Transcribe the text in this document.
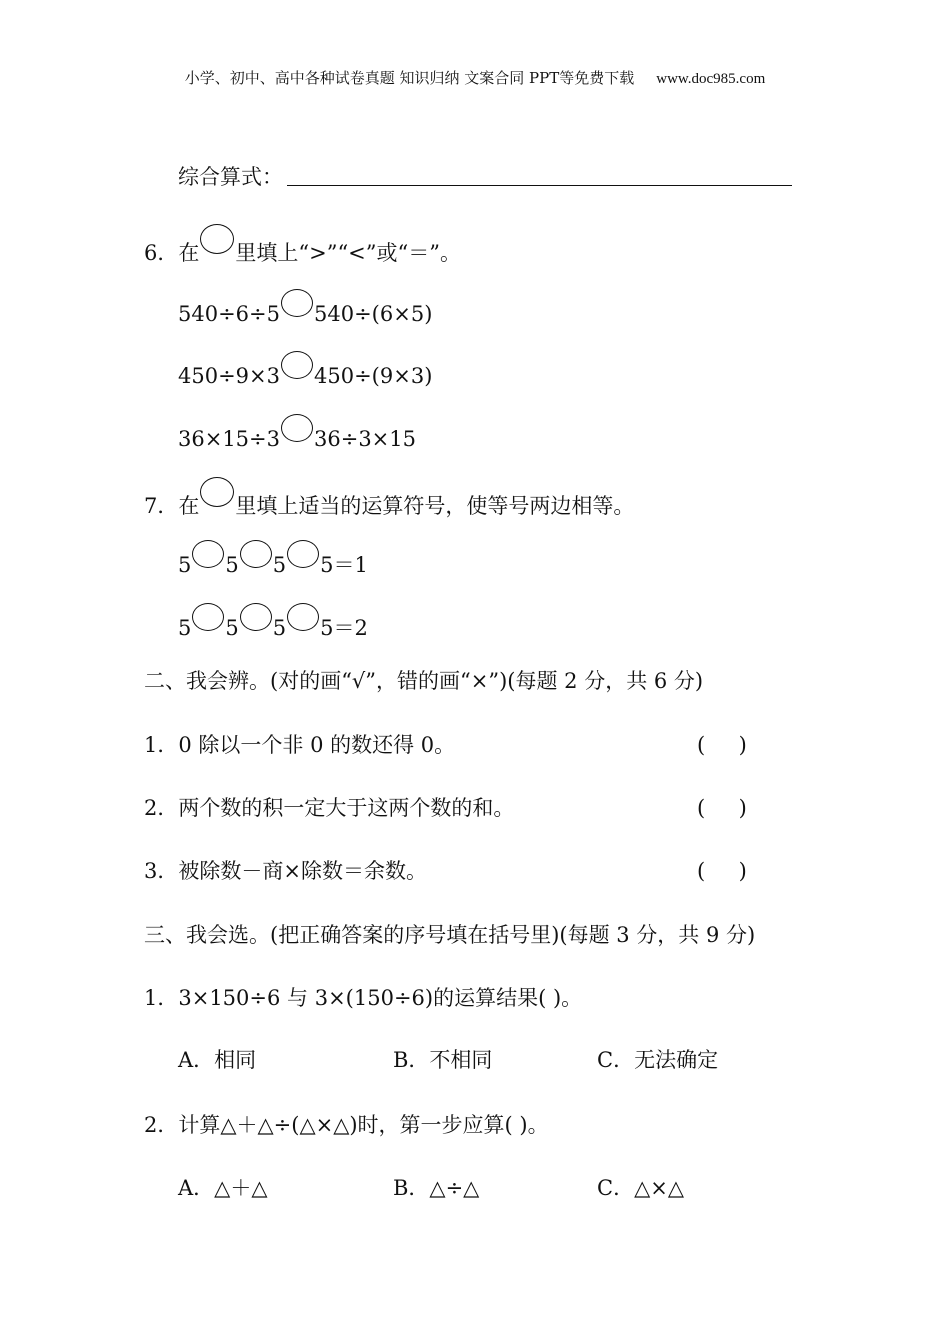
小学、初中、高中各种试卷真题 知识归纳 文案合同 PPT等免费下载 www.doc985.com
综合算式：
6．在 里填上“>”“<”或“＝”。
540÷6÷5 540÷(6×5)
450÷9×3 450÷(9×3)
36×15÷3 36÷3×15
7．在 里填上适当的运算符号，使等号两边相等。
5 5 5 5＝1
5 5 5 5＝2
二、我会辨。(对的画“√”，错的画“×”)(每题 2 分，共 6 分)
1．0 除以一个非 0 的数还得 0。	(     )
2．两个数的积一定大于这两个数的和。	(     )
3．被除数－商×除数＝余数。	(     )
三、我会选。(把正确答案的序号填在括号里)(每题 3 分，共 9 分)
1．3×150÷6 与 3×(150÷6)的运算结果( )。
A．相同	B．不相同	C．无法确定
2．计算△＋△÷(△×△)时，第一步应算( )。
A．△＋△	B．△÷△	C．△×△
